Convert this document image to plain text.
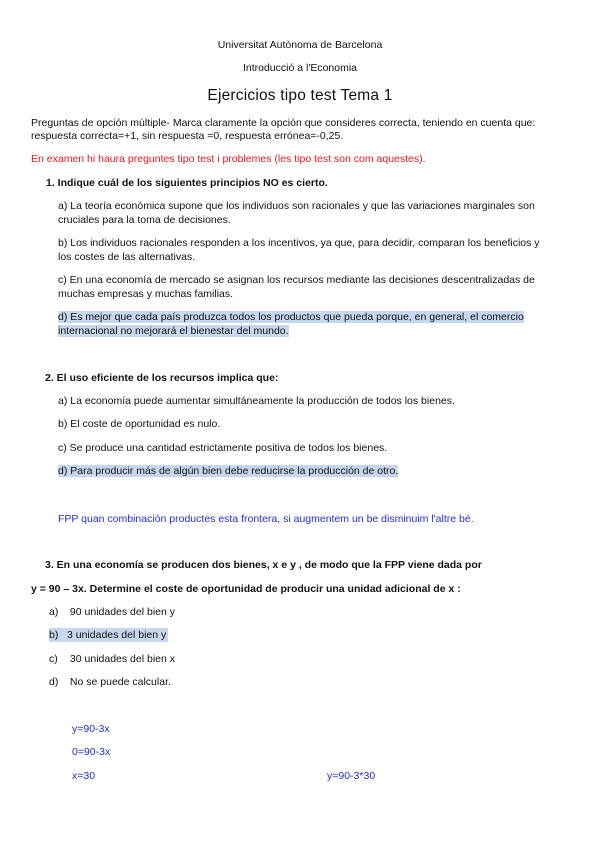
Universitat Autònoma de Barcelona
Introducció a l'Economia
Ejercicios tipo test Tema 1
Preguntas de opción múltiple- Marca claramente la opción que consideres correcta, teniendo en cuenta que:
respuesta correcta=+1, sin respuesta =0, respuesta errónea=-0,25.
En examen hi haura preguntes tipo test i problemes (les tipo test son com aquestes).
1. Indique cuál de los siguientes principios NO es cierto.
a) La teoría económica supone que los individuos son racionales y que las variaciones marginales son
cruciales para la toma de decisiones.
b) Los individuos racionales responden a los incentivos, ya que, para decidir, comparan los beneficios y
los costes de las alternativas.
c) En una economía de mercado se asignan los recursos mediante las decisiones descentralizadas de
muchas empresas y muchas familias.
d) Es mejor que cada país produzca todos los productos que pueda porque, en general, el comercio
internacional no mejorará el bienestar del mundo.
2. El uso eficiente de los recursos implica que:
a) La economía puede aumentar simultáneamente la producción de todos los bienes.
b) El coste de oportunidad es nulo.
c) Se produce una cantidad estrictamente positiva de todos los bienes.
d) Para producir más de algún bien debe reducirse la producción de otro.
FPP quan combinación productes esta frontera, si augmentem un be disminuim l'altre bé.
3. En una economía se producen dos bienes, x e y , de modo que la FPP viene dada por
y = 90 – 3x. Determine el coste de oportunidad de producir una unidad adicional de x :
a) 90 unidades del bien y
b) 3 unidades del bien y
c) 30 unidades del bien x
d) No se puede calcular.
y=90-3x
0=90-3x
x=30	y=90-3*30
